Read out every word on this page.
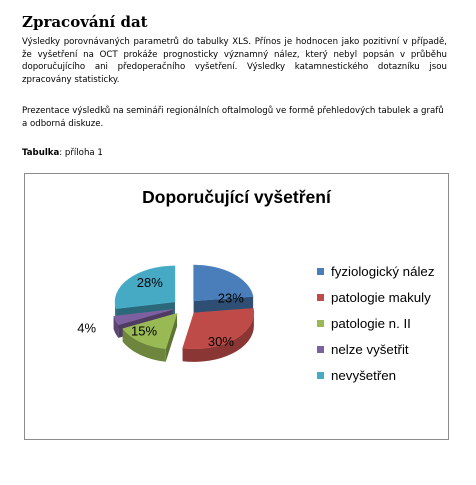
Zpracování dat

Výsledky porovnávaných parametrů do tabulky XLS. Přínos je hodnocen jako pozitivní v případě, že vyšetření na OCT prokáže prognosticky významný nález, který nebyl popsán v průběhu doporučujícího ani předoperačního vyšetření. Výsledky katamnestického dotazníku jsou zpracovány statisticky.

Prezentace výsledků na semináři regionálních oftalmologů ve formě přehledových tabulek a grafů a odborná diskuze.

Tabulka: příloha 1

Doporučující vyšetření
23%
30%
15%
4%
28%
fyziologický nález
patologie makuly
patologie n. II
nelze vyšetřit
nevyšetřen
